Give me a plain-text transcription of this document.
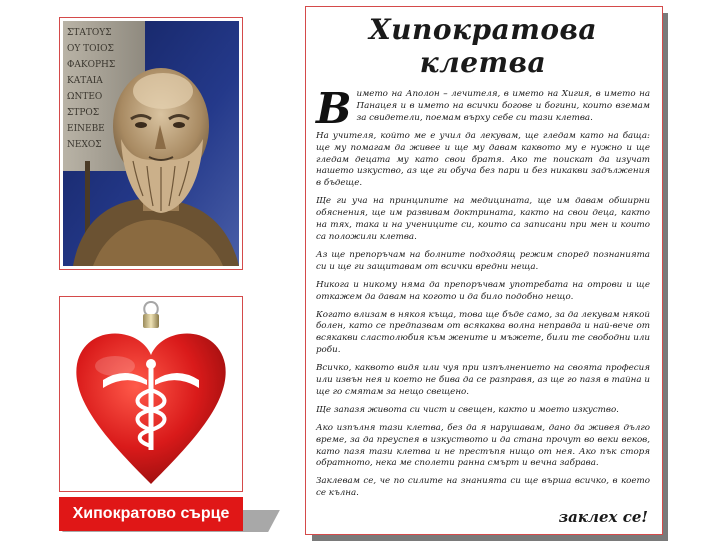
ΣΤΑΤΟΥΣ
ΟΥ ΤΟΙΟΣ
ΦΑΚΟΡΗΣ
ΚΑΤΑΙΑ
ΩΝΤΕΟ
ΣΤΡΟΣ
ΕΙΝΕΒΕ
ΝΕΧΟΣ
Хипократово сърце
Хипократова клетва

Вимето на Аполон – лечителя, в името на Хигия, в името на Панацея и в името на всички богове и богини, които вземам за свидетели, поемам върху себе си тази клетва.

На учителя, който ме е учил да лекувам, ще гледам като на баща: ще му помагам да живее и ще му давам каквото му е нужно и ще гледам децата му като свои братя. Ако те поискат да изучат нашето изкуство, аз ще ги обуча без пари и без никакви задължения в бъдеще.

Ще ги уча на принципите на медицината, ще им давам обширни обяснения, ще им развивам доктрината, както на свои деца, както на тях, така и на учениците си, които са записани при мен и които са положили клетва.

Аз ще препоръчам на болните подходящ режим според познанията си и ще ги защитавам от всички вредни неща.

Никога и никому няма да препоръчвам употребата на отрови и ще откажем да давам на когото и да било подобно нещо.

Когато влизам в някоя къща, това ще бъде само, за да лекувам някой болен, като се предпазвам от всякаква волна неправда и най-вече от всякакви сластолюбия към жените и мъжете, били те свободни или роби.

Всичко, каквото видя или чуя при изпълнението на своята професия или извън нея и което не бива да се разправя, аз ще го пазя в тайна и ще го смятам за нещо свещено.

Ще запазя живота си чист и свещен, както и моето изкуство.

Ако изпълня тази клетва, без да я нарушавам, дано да живея дълго време, за да преуспея в изкуството и да стана прочут во веки веков, като пазя тази клетва и не престъпя нищо от нея. Ако пък сторя обратното, нека ме сполети ранна смърт и вечна забрава.

Заклевам се, че по силите на знанията си ще върша всичко, в което се кълна.

заклех се!
